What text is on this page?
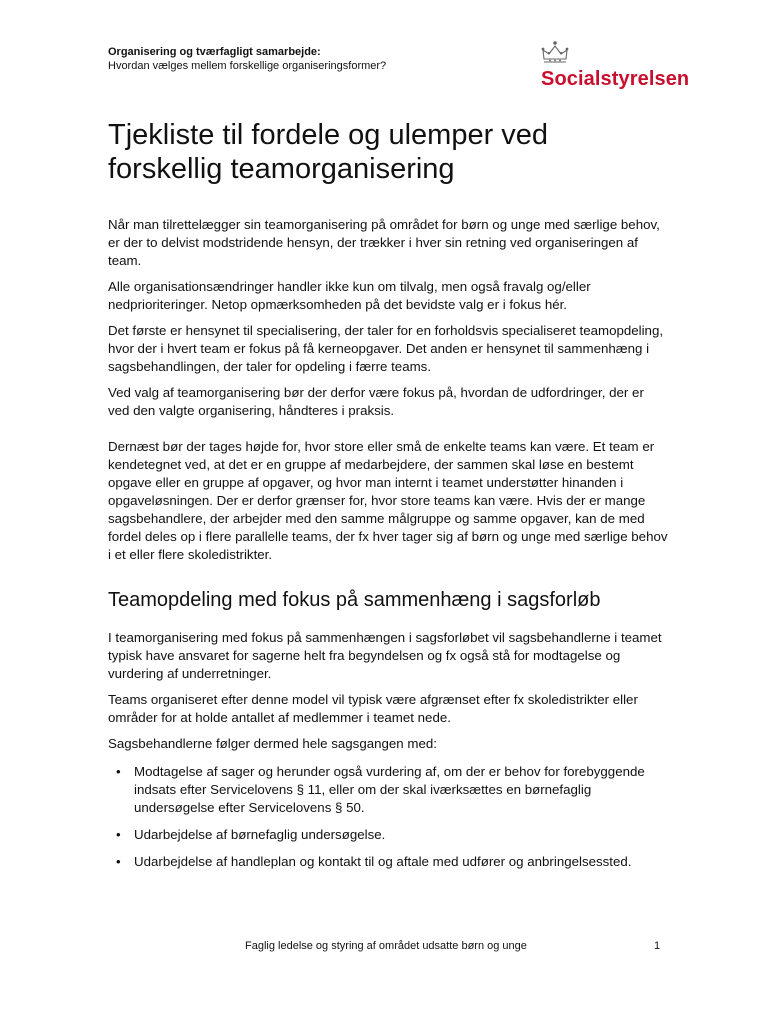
Organisering og tværfagligt samarbejde:
Hvordan vælges mellem forskellige organiseringsformer?
Socialstyrelsen
Tjekliste til fordele og ulemper ved forskellig teamorganisering

Når man tilrettelægger sin teamorganisering på området for børn og unge med særlige behov, er der to delvist modstridende hensyn, der trækker i hver sin retning ved organiseringen af team.

Alle organisationsændringer handler ikke kun om tilvalg, men også fravalg og/eller nedprioriteringer. Netop opmærksomheden på det bevidste valg er i fokus hér.

Det første er hensynet til specialisering, der taler for en forholdsvis specialiseret teamopdeling, hvor der i hvert team er fokus på få kerneopgaver. Det anden er hensynet til sammenhæng i sagsbehandlingen, der taler for opdeling i færre teams.

Ved valg af teamorganisering bør der derfor være fokus på, hvordan de udfordringer, der er ved den valgte organisering, håndteres i praksis.

Dernæst bør der tages højde for, hvor store eller små de enkelte teams kan være. Et team er kendetegnet ved, at det er en gruppe af medarbejdere, der sammen skal løse en bestemt opgave eller en gruppe af opgaver, og hvor man internt i teamet understøtter hinanden i opgaveløsningen. Der er derfor grænser for, hvor store teams kan være. Hvis der er mange sagsbehandlere, der arbejder med den samme målgruppe og samme opgaver, kan de med fordel deles op i flere parallelle teams, der fx hver tager sig af børn og unge med særlige behov i et eller flere skoledistrikter.

Teamopdeling med fokus på sammenhæng i sagsforløb

I teamorganisering med fokus på sammenhængen i sagsforløbet vil sagsbehandlerne i teamet typisk have ansvaret for sagerne helt fra begyndelsen og fx også stå for modtagelse og vurdering af underretninger.

Teams organiseret efter denne model vil typisk være afgrænset efter fx skoledistrikter eller områder for at holde antallet af medlemmer i teamet nede.

Sagsbehandlerne følger dermed hele sagsgangen med:

• Modtagelse af sager og herunder også vurdering af, om der er behov for forebyggende indsats efter Servicelovens § 11, eller om der skal iværksættes en børnefaglig undersøgelse efter Servicelovens § 50.
• Udarbejdelse af børnefaglig undersøgelse.
• Udarbejdelse af handleplan og kontakt til og aftale med udfører og anbringelsessted.
Faglig ledelse og styring af området udsatte børn og unge	1
